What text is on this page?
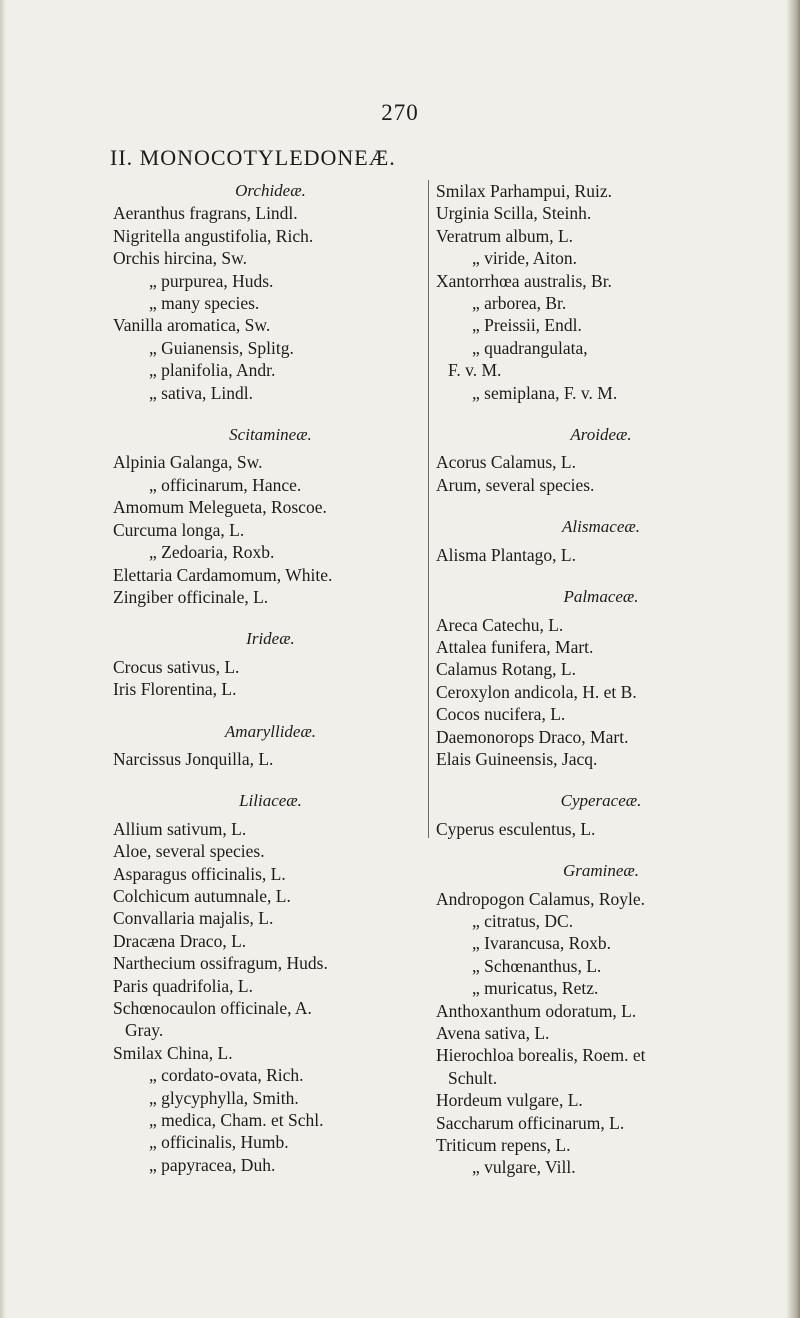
270
II. MONOCOTYLEDONEÆ.

Orchideæ.

Aeranthus fragrans, Lindl.

Nigritella angustifolia, Rich.

Orchis hircina, Sw.

„ purpurea, Huds.

„ many species.

Vanilla aromatica, Sw.

„ Guianensis, Splitg.

„ planifolia, Andr.

„ sativa, Lindl.

Scitamineæ.

Alpinia Galanga, Sw.

„ officinarum, Hance.

Amomum Melegueta, Roscoe.

Curcuma longa, L.

„ Zedoaria, Roxb.

Elettaria Cardamomum, White.

Zingiber officinale, L.

Irideæ.

Crocus sativus, L.

Iris Florentina, L.

Amaryllideæ.

Narcissus Jonquilla, L.

Liliaceæ.

Allium sativum, L.

Aloe, several species.

Asparagus officinalis, L.

Colchicum autumnale, L.

Convallaria majalis, L.

Dracæna Draco, L.

Narthecium ossifragum, Huds.

Paris quadrifolia, L.

Schœnocaulon officinale, A.

Gray.

Smilax China, L.

„ cordato-ovata, Rich.

„ glycyphylla, Smith.

„ medica, Cham. et Schl.

„ officinalis, Humb.

„ papyracea, Duh.

Smilax Parhampui, Ruiz.

Urginia Scilla, Steinh.

Veratrum album, L.

„ viride, Aiton.

Xantorrhœa australis, Br.

„ arborea, Br.

„ Preissii, Endl.

„ quadrangulata,

F. v. M.

„ semiplana, F. v. M.

Aroideæ.

Acorus Calamus, L.

Arum, several species.

Alismaceæ.

Alisma Plantago, L.

Palmaceæ.

Areca Catechu, L.

Attalea funifera, Mart.

Calamus Rotang, L.

Ceroxylon andicola, H. et B.

Cocos nucifera, L.

Daemonorops Draco, Mart.

Elais Guineensis, Jacq.

Cyperaceæ.

Cyperus esculentus, L.

Gramineæ.

Andropogon Calamus, Royle.

„ citratus, DC.

„ Ivarancusa, Roxb.

„ Schœnanthus, L.

„ muricatus, Retz.

Anthoxanthum odoratum, L.

Avena sativa, L.

Hierochloa borealis, Roem. et

Schult.

Hordeum vulgare, L.

Saccharum officinarum, L.

Triticum repens, L.

„ vulgare, Vill.
